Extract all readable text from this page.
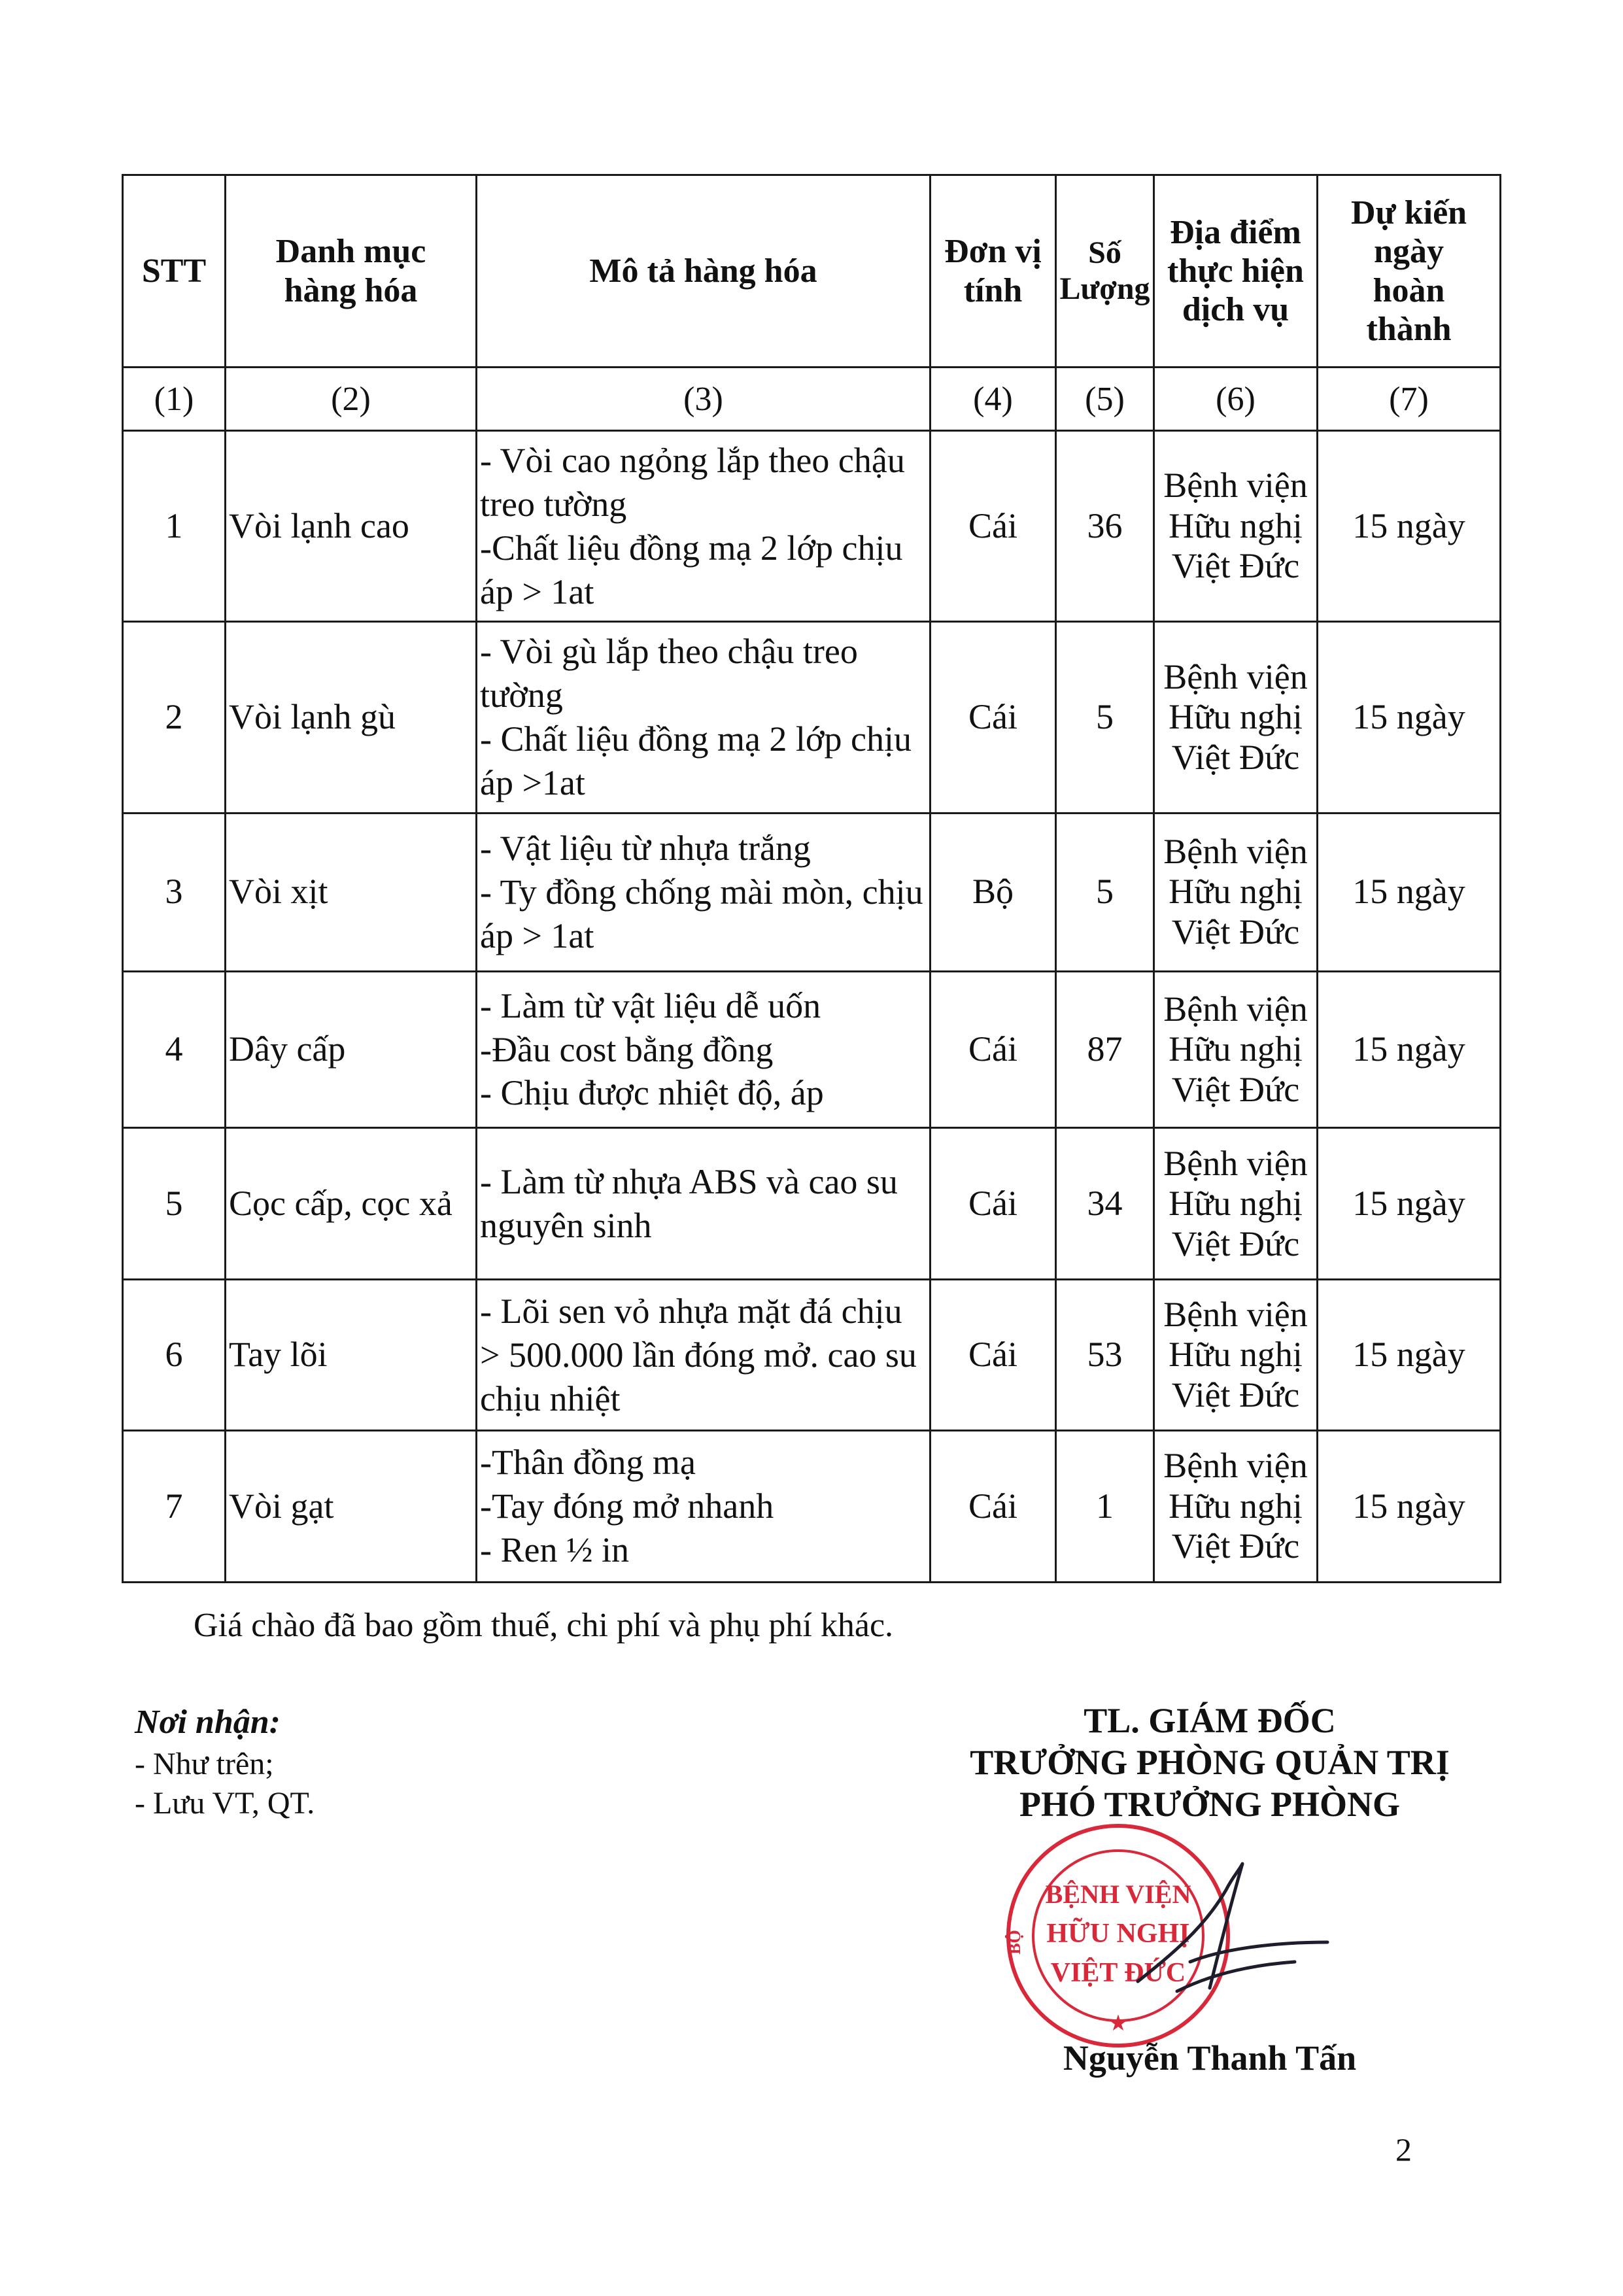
STT	Danh mục hàng hóa	Mô tả hàng hóa	Đơn vị tính	Số Lượng	Địa điểm thực hiện dịch vụ	Dự kiến ngày hoàn thành
(1)	(2)	(3)	(4)	(5)	(6)	(7)
1	Vòi lạnh cao	- Vòi cao ngỏng lắp theo chậu treo tường
-Chất liệu đồng mạ 2 lớp chịu áp > 1at	Cái	36	Bệnh viện Hữu nghị Việt Đức	15 ngày
2	Vòi lạnh gù	- Vòi gù lắp theo chậu treo tường
- Chất liệu đồng mạ 2 lớp chịu áp >1at	Cái	5	Bệnh viện Hữu nghị Việt Đức	15 ngày
3	Vòi xịt	- Vật liệu từ nhựa trắng
- Ty đồng chống mài mòn, chịu áp > 1at	Bộ	5	Bệnh viện Hữu nghị Việt Đức	15 ngày
4	Dây cấp	- Làm từ vật liệu dễ uốn
-Đầu cost bằng đồng
- Chịu được nhiệt độ, áp	Cái	87	Bệnh viện Hữu nghị Việt Đức	15 ngày
5	Cọc cấp, cọc xả	- Làm từ nhựa ABS và cao su nguyên sinh	Cái	34	Bệnh viện Hữu nghị Việt Đức	15 ngày
6	Tay lõi	- Lõi sen vỏ nhựa mặt đá chịu > 500.000 lần đóng mở. cao su chịu nhiệt	Cái	53	Bệnh viện Hữu nghị Việt Đức	15 ngày
7	Vòi gạt	-Thân đồng mạ
-Tay đóng mở nhanh
- Ren ½ in	Cái	1	Bệnh viện Hữu nghị Việt Đức	15 ngày
Giá chào đã bao gồm thuế, chi phí và phụ phí khác.
Nơi nhận:
- Như trên;
- Lưu VT, QT.
TL. GIÁM ĐỐC
TRƯỞNG PHÒNG QUẢN TRỊ
PHÓ TRƯỞNG PHÒNG
BỆNH VIỆN
HỮU NGHỊ
VIỆT ĐỨC
BỘ
★
Nguyễn Thanh Tấn
2
